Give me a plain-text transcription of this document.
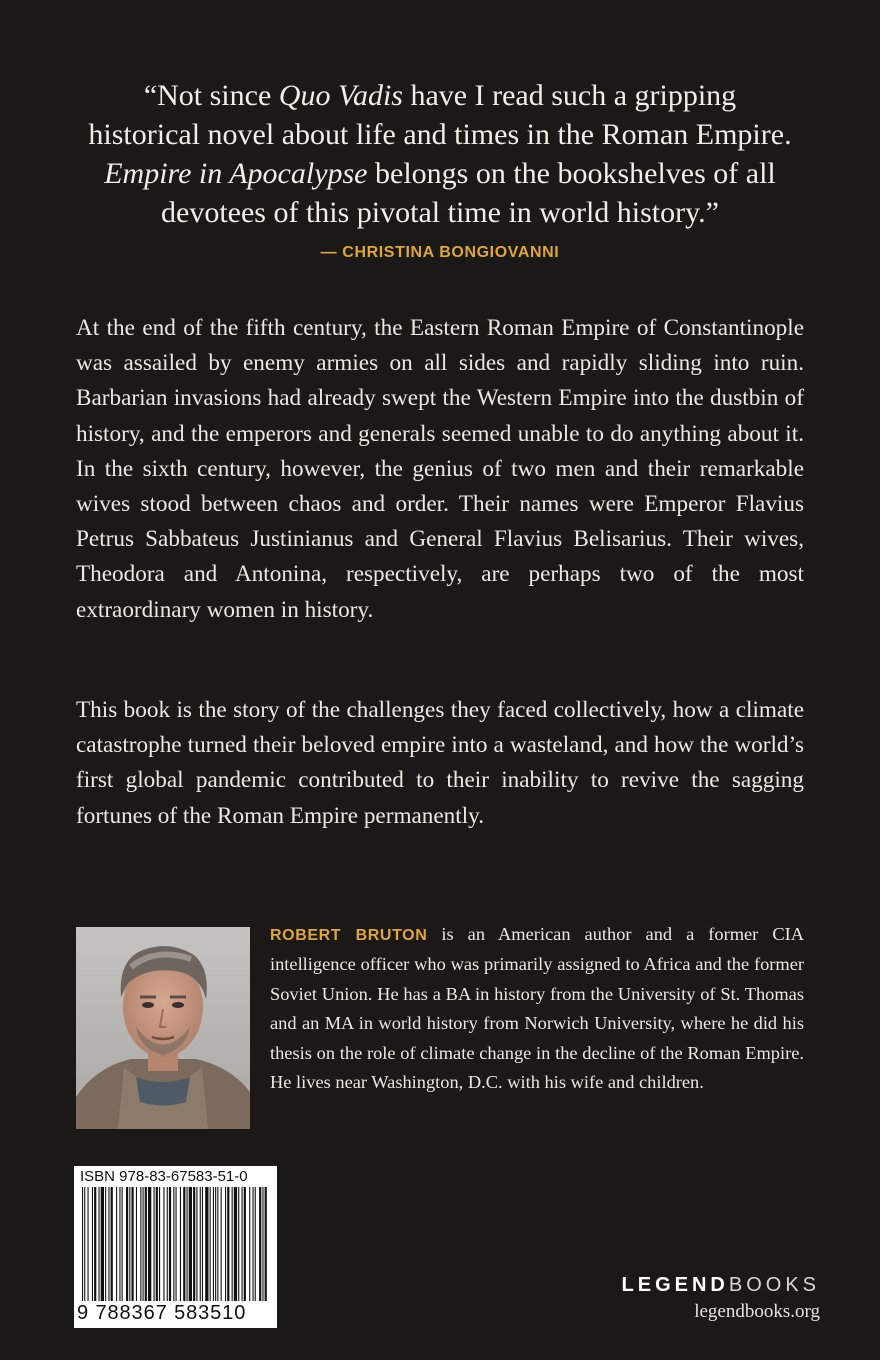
“Not since Quo Vadis have I read such a gripping
historical novel about life and times in the Roman Empire.
Empire in Apocalypse belongs on the bookshelves of all
devotees of this pivotal time in world history.”
— CHRISTINA BONGIOVANNI

At the end of the fifth century, the Eastern Roman Empire of Constantinople was assailed by enemy armies on all sides and rapidly sliding into ruin. Barbarian invasions had already swept the Western Empire into the dustbin of history, and the emperors and generals seemed unable to do anything about it. In the sixth century, however, the genius of two men and their remarkable wives stood between chaos and order. Their names were Emperor Flavius Petrus Sabbateus Justinianus and General Flavius Belisarius. Their wives, Theodora and Antonina, respectively, are perhaps two of the most extraordinary women in history.

This book is the story of the challenges they faced collectively, how a climate catastrophe turned their beloved empire into a wasteland, and how the world’s first global pandemic contributed to their inability to revive the sagging fortunes of the Roman Empire permanently.

ROBERT BRUTON is an American author and a former CIA intelligence officer who was primarily assigned to Africa and the former Soviet Union. He has a BA in history from the University of St. Thomas and an MA in world history from Norwich University, where he did his thesis on the role of climate change in the decline of the Roman Empire. He lives near Washington, D.C. with his wife and children.

ISBN 978-83-67583-51-0
9 788367 583510
LEGENDBOOKS
legendbooks.org
